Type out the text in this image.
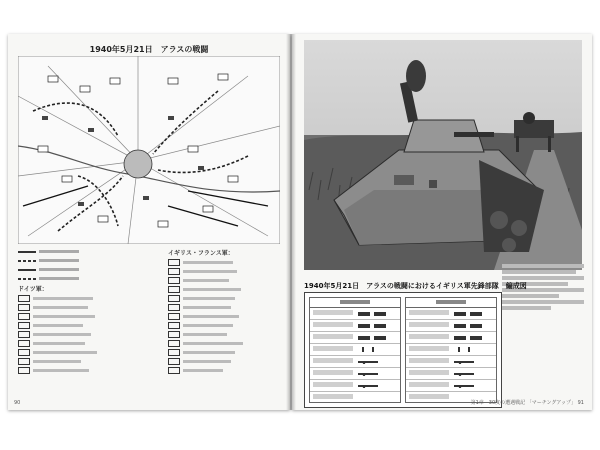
1940年5月21日　アラスの戦闘
ドイツ軍：
イギリス・フランス軍：
90
1940年5月21日　アラスの戦闘におけるイギリス軍先鋒部隊　編成図
第1章　30度の遭遇戦記 「マーチングアップ」 91
